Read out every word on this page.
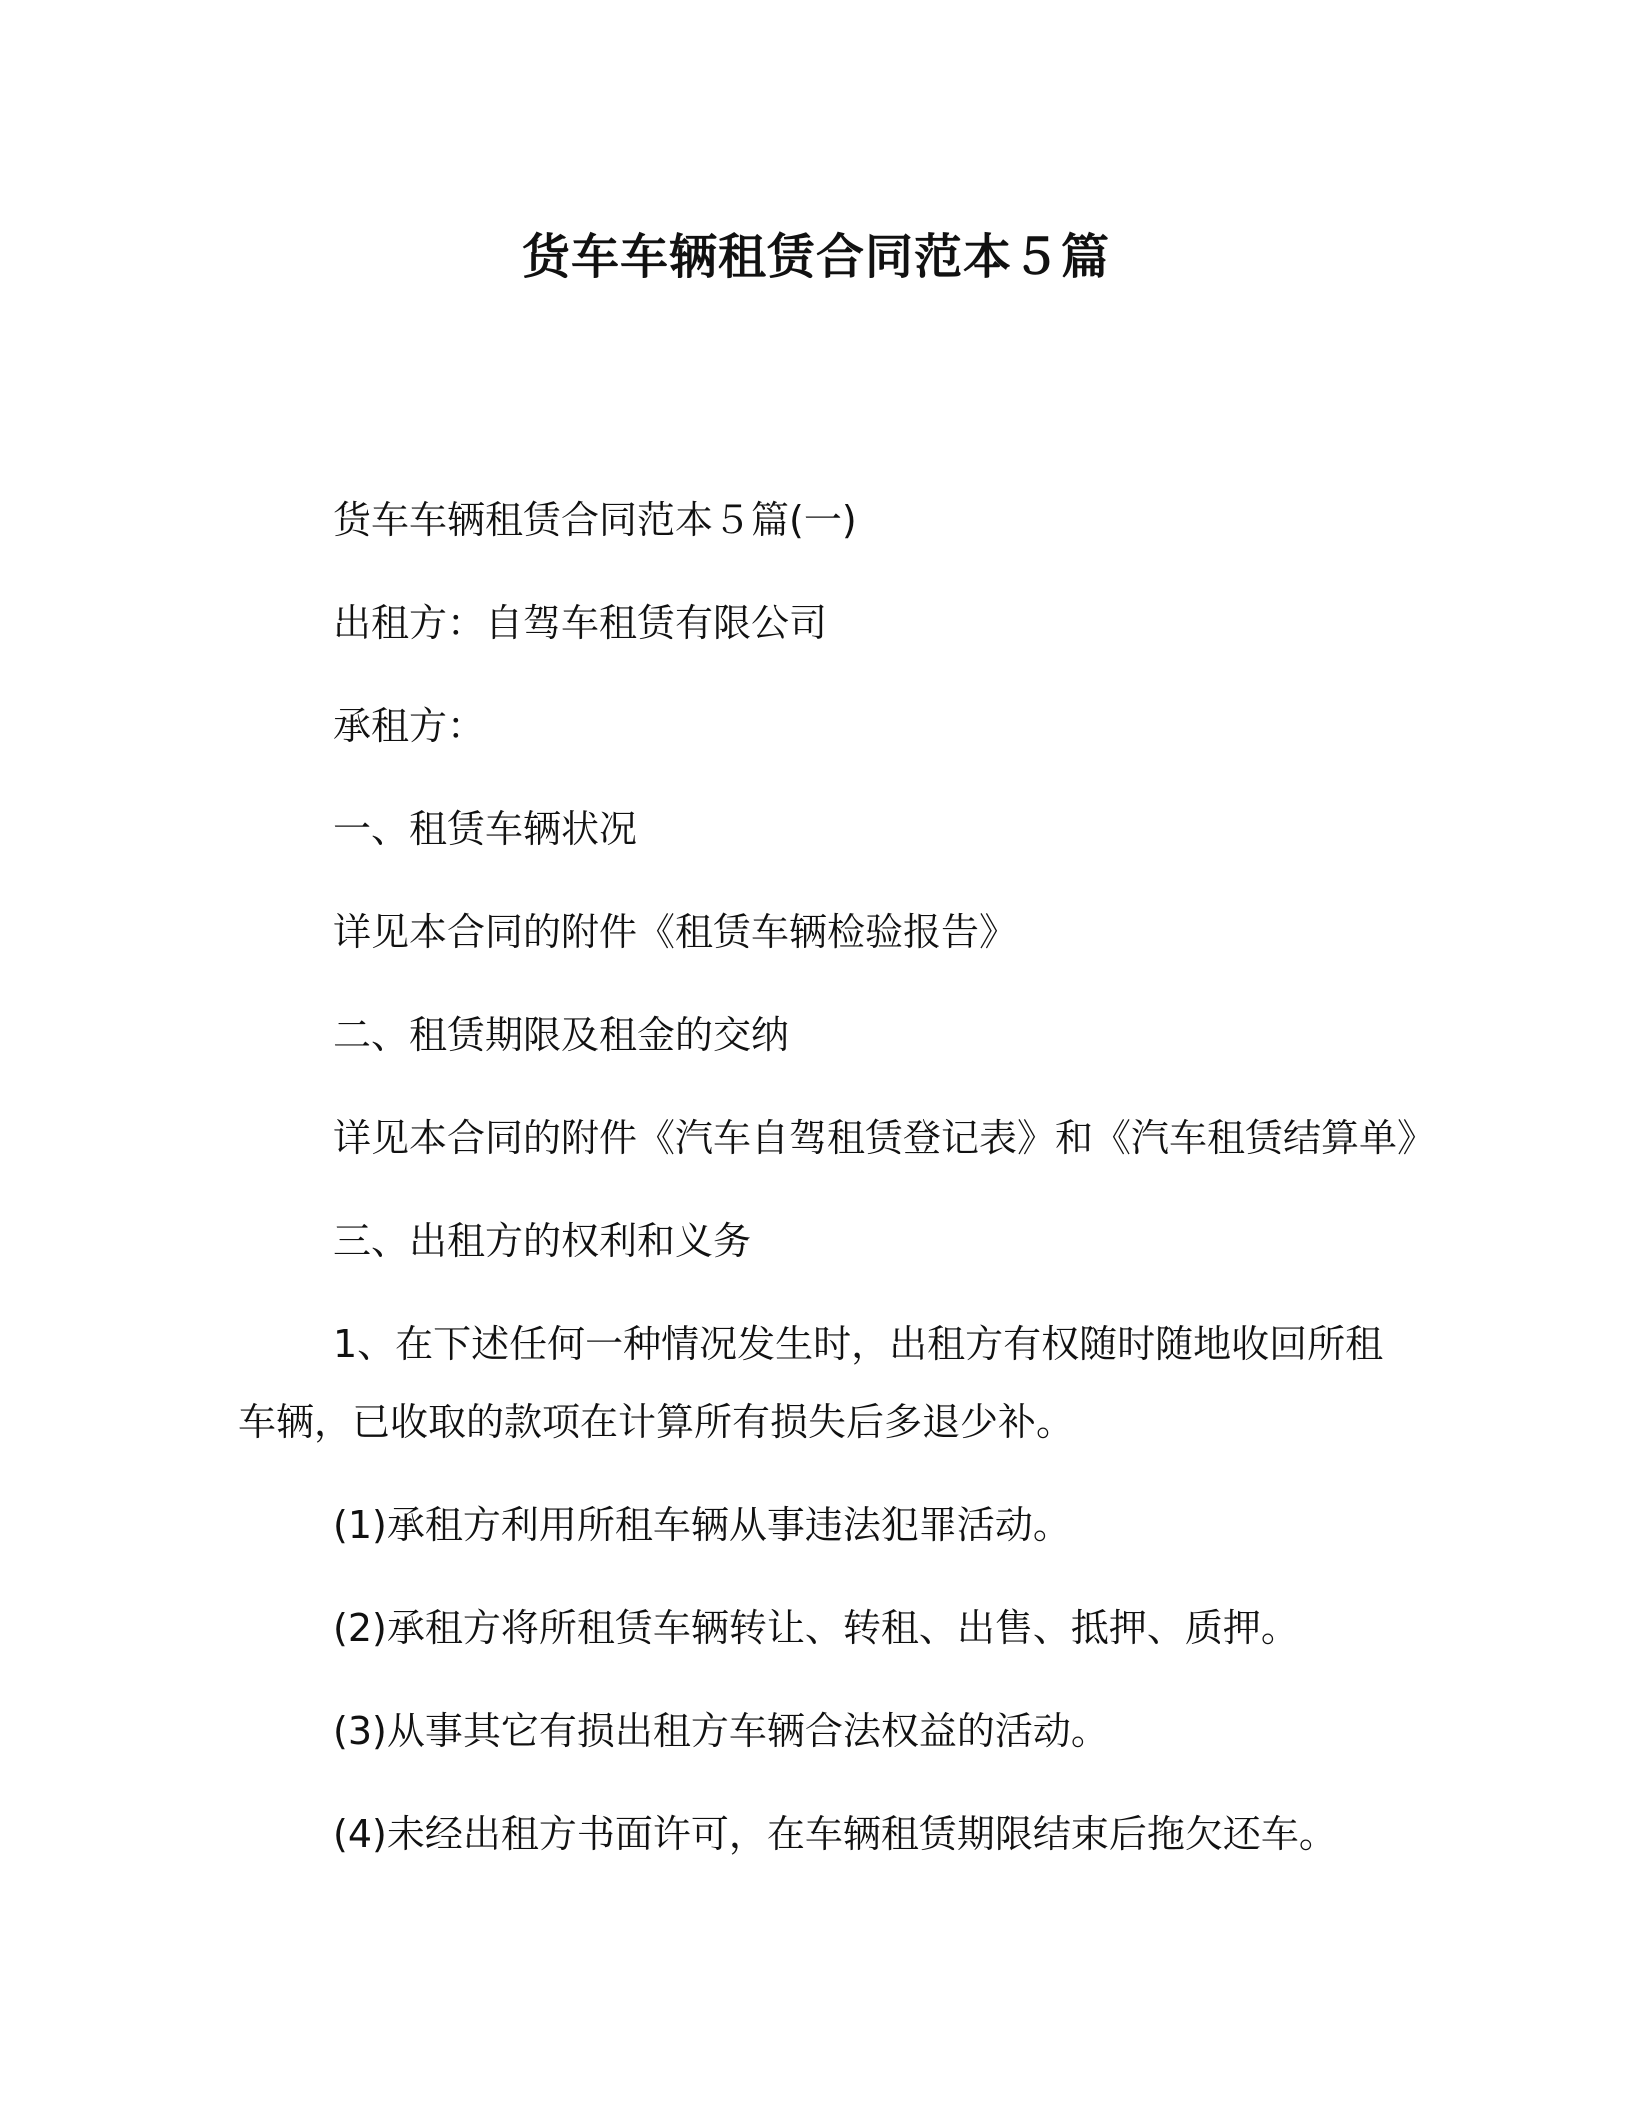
货车车辆租赁合同范本５篇
货车车辆租赁合同范本５篇(一)
出租方：自驾车租赁有限公司
承租方：
一、租赁车辆状况
详见本合同的附件《租赁车辆检验报告》
二、租赁期限及租金的交纳
详见本合同的附件《汽车自驾租赁登记表》和《汽车租赁结算单》
三、出租方的权利和义务
1、在下述任何一种情况发生时，出租方有权随时随地收回所租
车辆，已收取的款项在计算所有损失后多退少补。
(1)承租方利用所租车辆从事违法犯罪活动。
(2)承租方将所租赁车辆转让、转租、出售、抵押、质押。
(3)从事其它有损出租方车辆合法权益的活动。
(4)未经出租方书面许可，在车辆租赁期限结束后拖欠还车。
